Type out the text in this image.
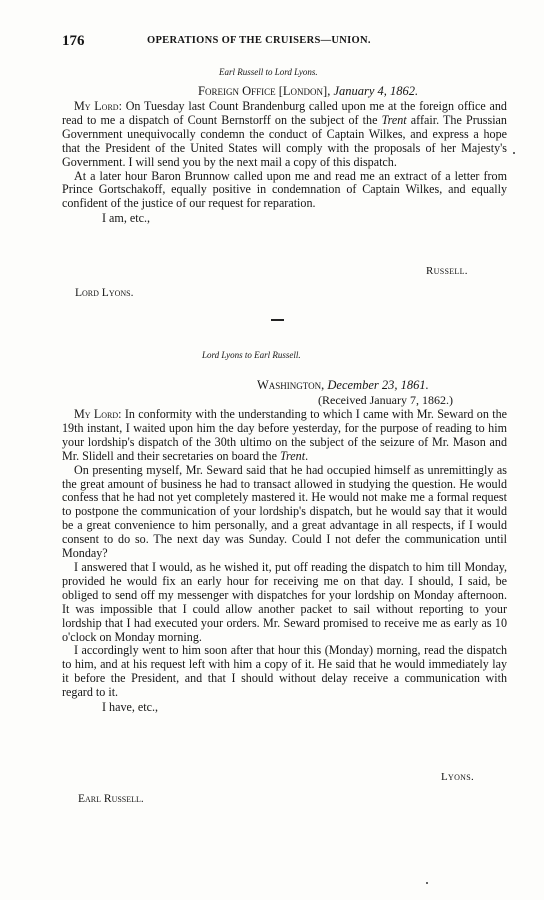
176	OPERATIONS OF THE CRUISERS—UNION.
Earl Russell to Lord Lyons.
Foreign Office [London], January 4, 1862.

My Lord: On Tuesday last Count Brandenburg called upon me at the foreign office and read to me a dispatch of Count Bernstorff on the subject of the Trent affair. The Prussian Government unequivocally condemn the conduct of Captain Wilkes, and express a hope that the President of the United States will comply with the proposals of her Majesty's Government. I will send you by the next mail a copy of this dispatch.

At a later hour Baron Brunnow called upon me and read me an extract of a letter from Prince Gortschakoff, equally positive in condemnation of Captain Wilkes, and equally confident of the justice of our request for reparation.

I am, etc.,

Russell.
Lord Lyons.
Lord Lyons to Earl Russell.
Washington, December 23, 1861.
(Received January 7, 1862.)

My Lord: In conformity with the understanding to which I came with Mr. Seward on the 19th instant, I waited upon him the day before yesterday, for the purpose of reading to him your lordship's dispatch of the 30th ultimo on the subject of the seizure of Mr. Mason and Mr. Slidell and their secretaries on board the Trent.

On presenting myself, Mr. Seward said that he had occupied himself as unremittingly as the great amount of business he had to transact allowed in studying the question. He would confess that he had not yet completely mastered it. He would not make me a formal request to postpone the communication of your lordship's dispatch, but he would say that it would be a great convenience to him personally, and a great advantage in all respects, if I would consent to do so. The next day was Sunday. Could I not defer the communication until Monday?

I answered that I would, as he wished it, put off reading the dispatch to him till Monday, provided he would fix an early hour for receiving me on that day. I should, I said, be obliged to send off my messenger with dispatches for your lordship on Monday afternoon. It was impossible that I could allow another packet to sail without reporting to your lordship that I had executed your orders. Mr. Seward promised to receive me as early as 10 o'clock on Monday morning.

I accordingly went to him soon after that hour this (Monday) morning, read the dispatch to him, and at his request left with him a copy of it. He said that he would immediately lay it before the President, and that I should without delay receive a communication with regard to it.

I have, etc.,

Lyons.
Earl Russell.
